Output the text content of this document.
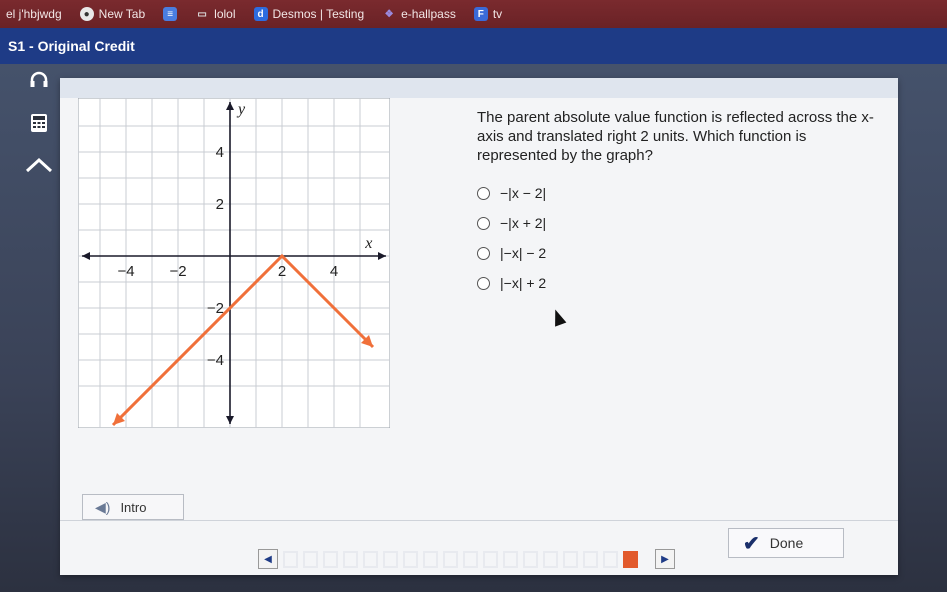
el j'hbjwdg	● New Tab	≡	▭ lolol	d Desmos | Testing ❖ e-hallpass	F tv
S1 - Original Credit
x
y
−4 −2	2	4
4
2
−2
−4
The parent absolute value function is reflected across the x-axis and translated right 2 units. Which function is represented by the graph?
−|x − 2|
−|x + 2|
|−x| − 2
|−x| + 2
◀) Intro
✔ Done
◀	▶
